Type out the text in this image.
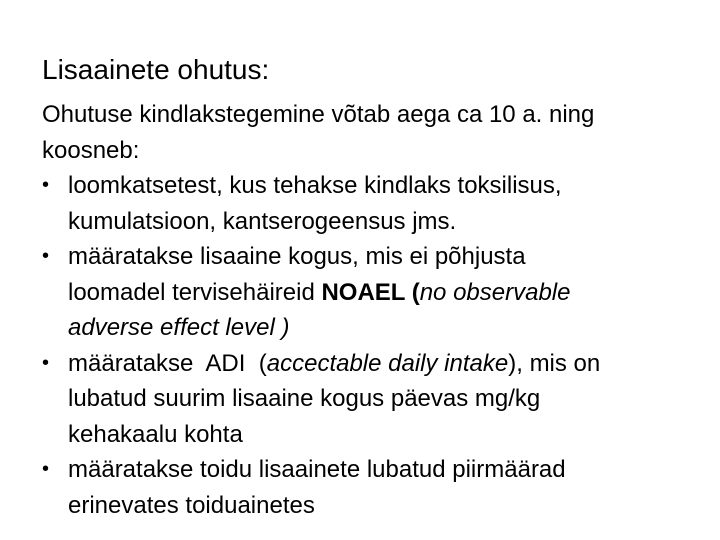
Lisaainete ohutus:
Ohutuse kindlakstegemine võtab aega ca 10 a. ning
koosneb:
• loomkatsetest, kus tehakse kindlaks toksilisus,
kumulatsioon, kantserogeensus jms.
• määratakse lisaaine kogus, mis ei põhjusta
loomadel tervisehäireid NOAEL (no observable
adverse effect level )
• määratakse  ADI  (accectable daily intake), mis on
lubatud suurim lisaaine kogus päevas mg/kg
kehakaalu kohta
• määratakse toidu lisaainete lubatud piirmäärad
erinevates toiduainetes
